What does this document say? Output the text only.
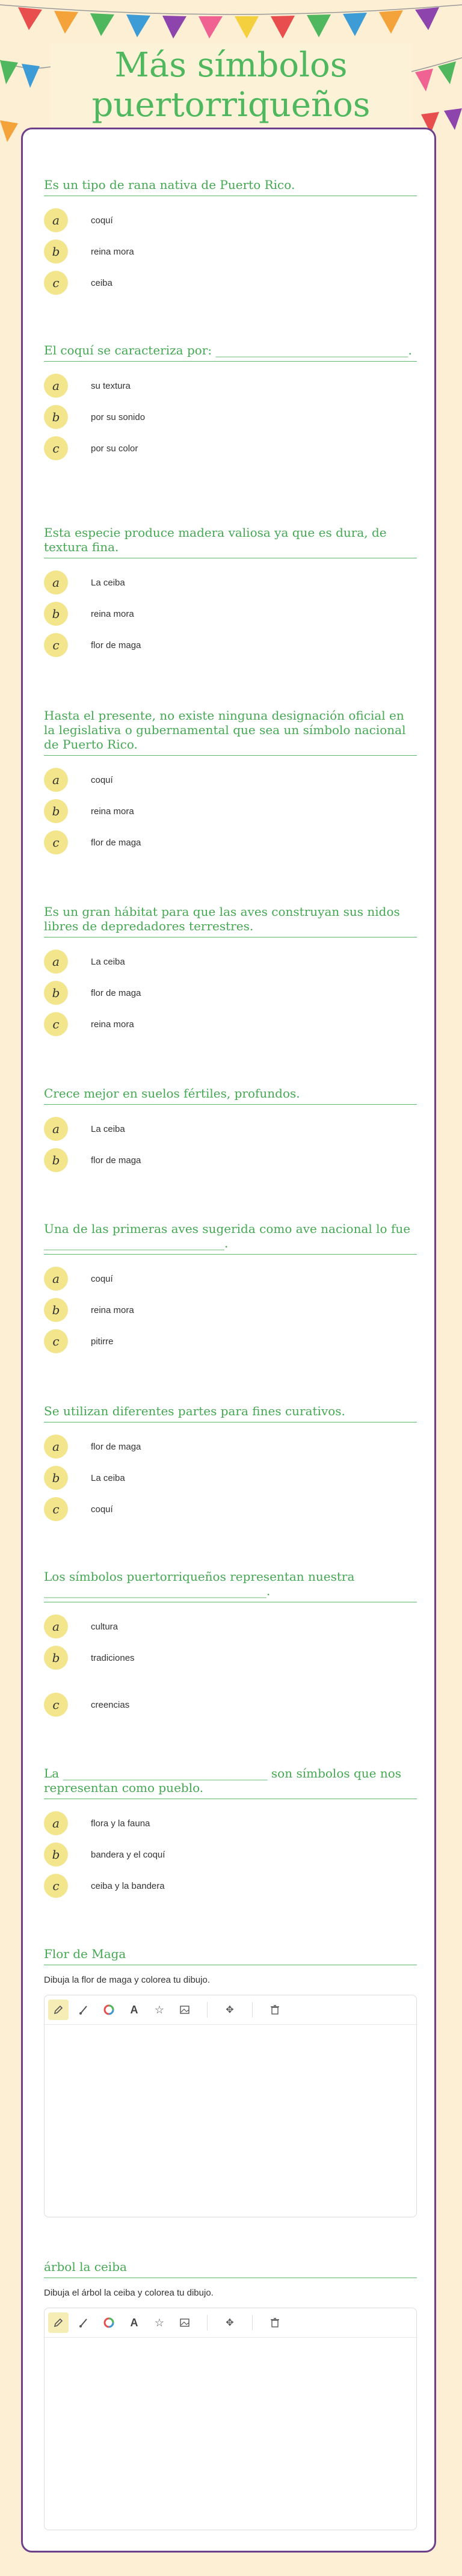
Más símbolos puertorriqueños

Es un tipo de rana nativa de Puerto Rico.

a	coquí
b	reina mora
c	ceiba

El coquí se caracteriza por: ________________________________.

a	su textura
b	por su sonido
c	por su color

Esta especie produce madera valiosa ya que es dura, de textura fina.

a	La ceiba
b	reina mora
c	flor de maga

Hasta el presente, no existe ninguna designación oficial en la legislativa o gubernamental que sea un símbolo nacional de Puerto Rico.

a	coquí
b	reina mora
c	flor de maga

Es un gran hábitat para que las aves construyan sus nidos libres de depredadores terrestres.

a	La ceiba
b	flor de maga
c	reina mora

Crece mejor en suelos fértiles, profundos.

a	La ceiba
b	flor de maga

Una de las primeras aves sugerida como ave nacional lo fue ______________________________.

a	coquí
b	reina mora
c	pitirre

Se utilizan diferentes partes para fines curativos.

a	flor de maga
b	La ceiba
c	coquí

Los símbolos puertorriqueños representan nuestra _____________________________________.

a	cultura
b	tradiciones
c	creencias

La __________________________________ son símbolos que nos representan como pueblo.

a	flora y la fauna
b	bandera y el coquí
c	ceiba y la bandera

Flor de Maga

Dibuja la flor de maga y colorea tu dibujo.

A ☆	✥

árbol la ceiba

Dibuja el árbol la ceiba y colorea tu dibujo.

A ☆	✥
